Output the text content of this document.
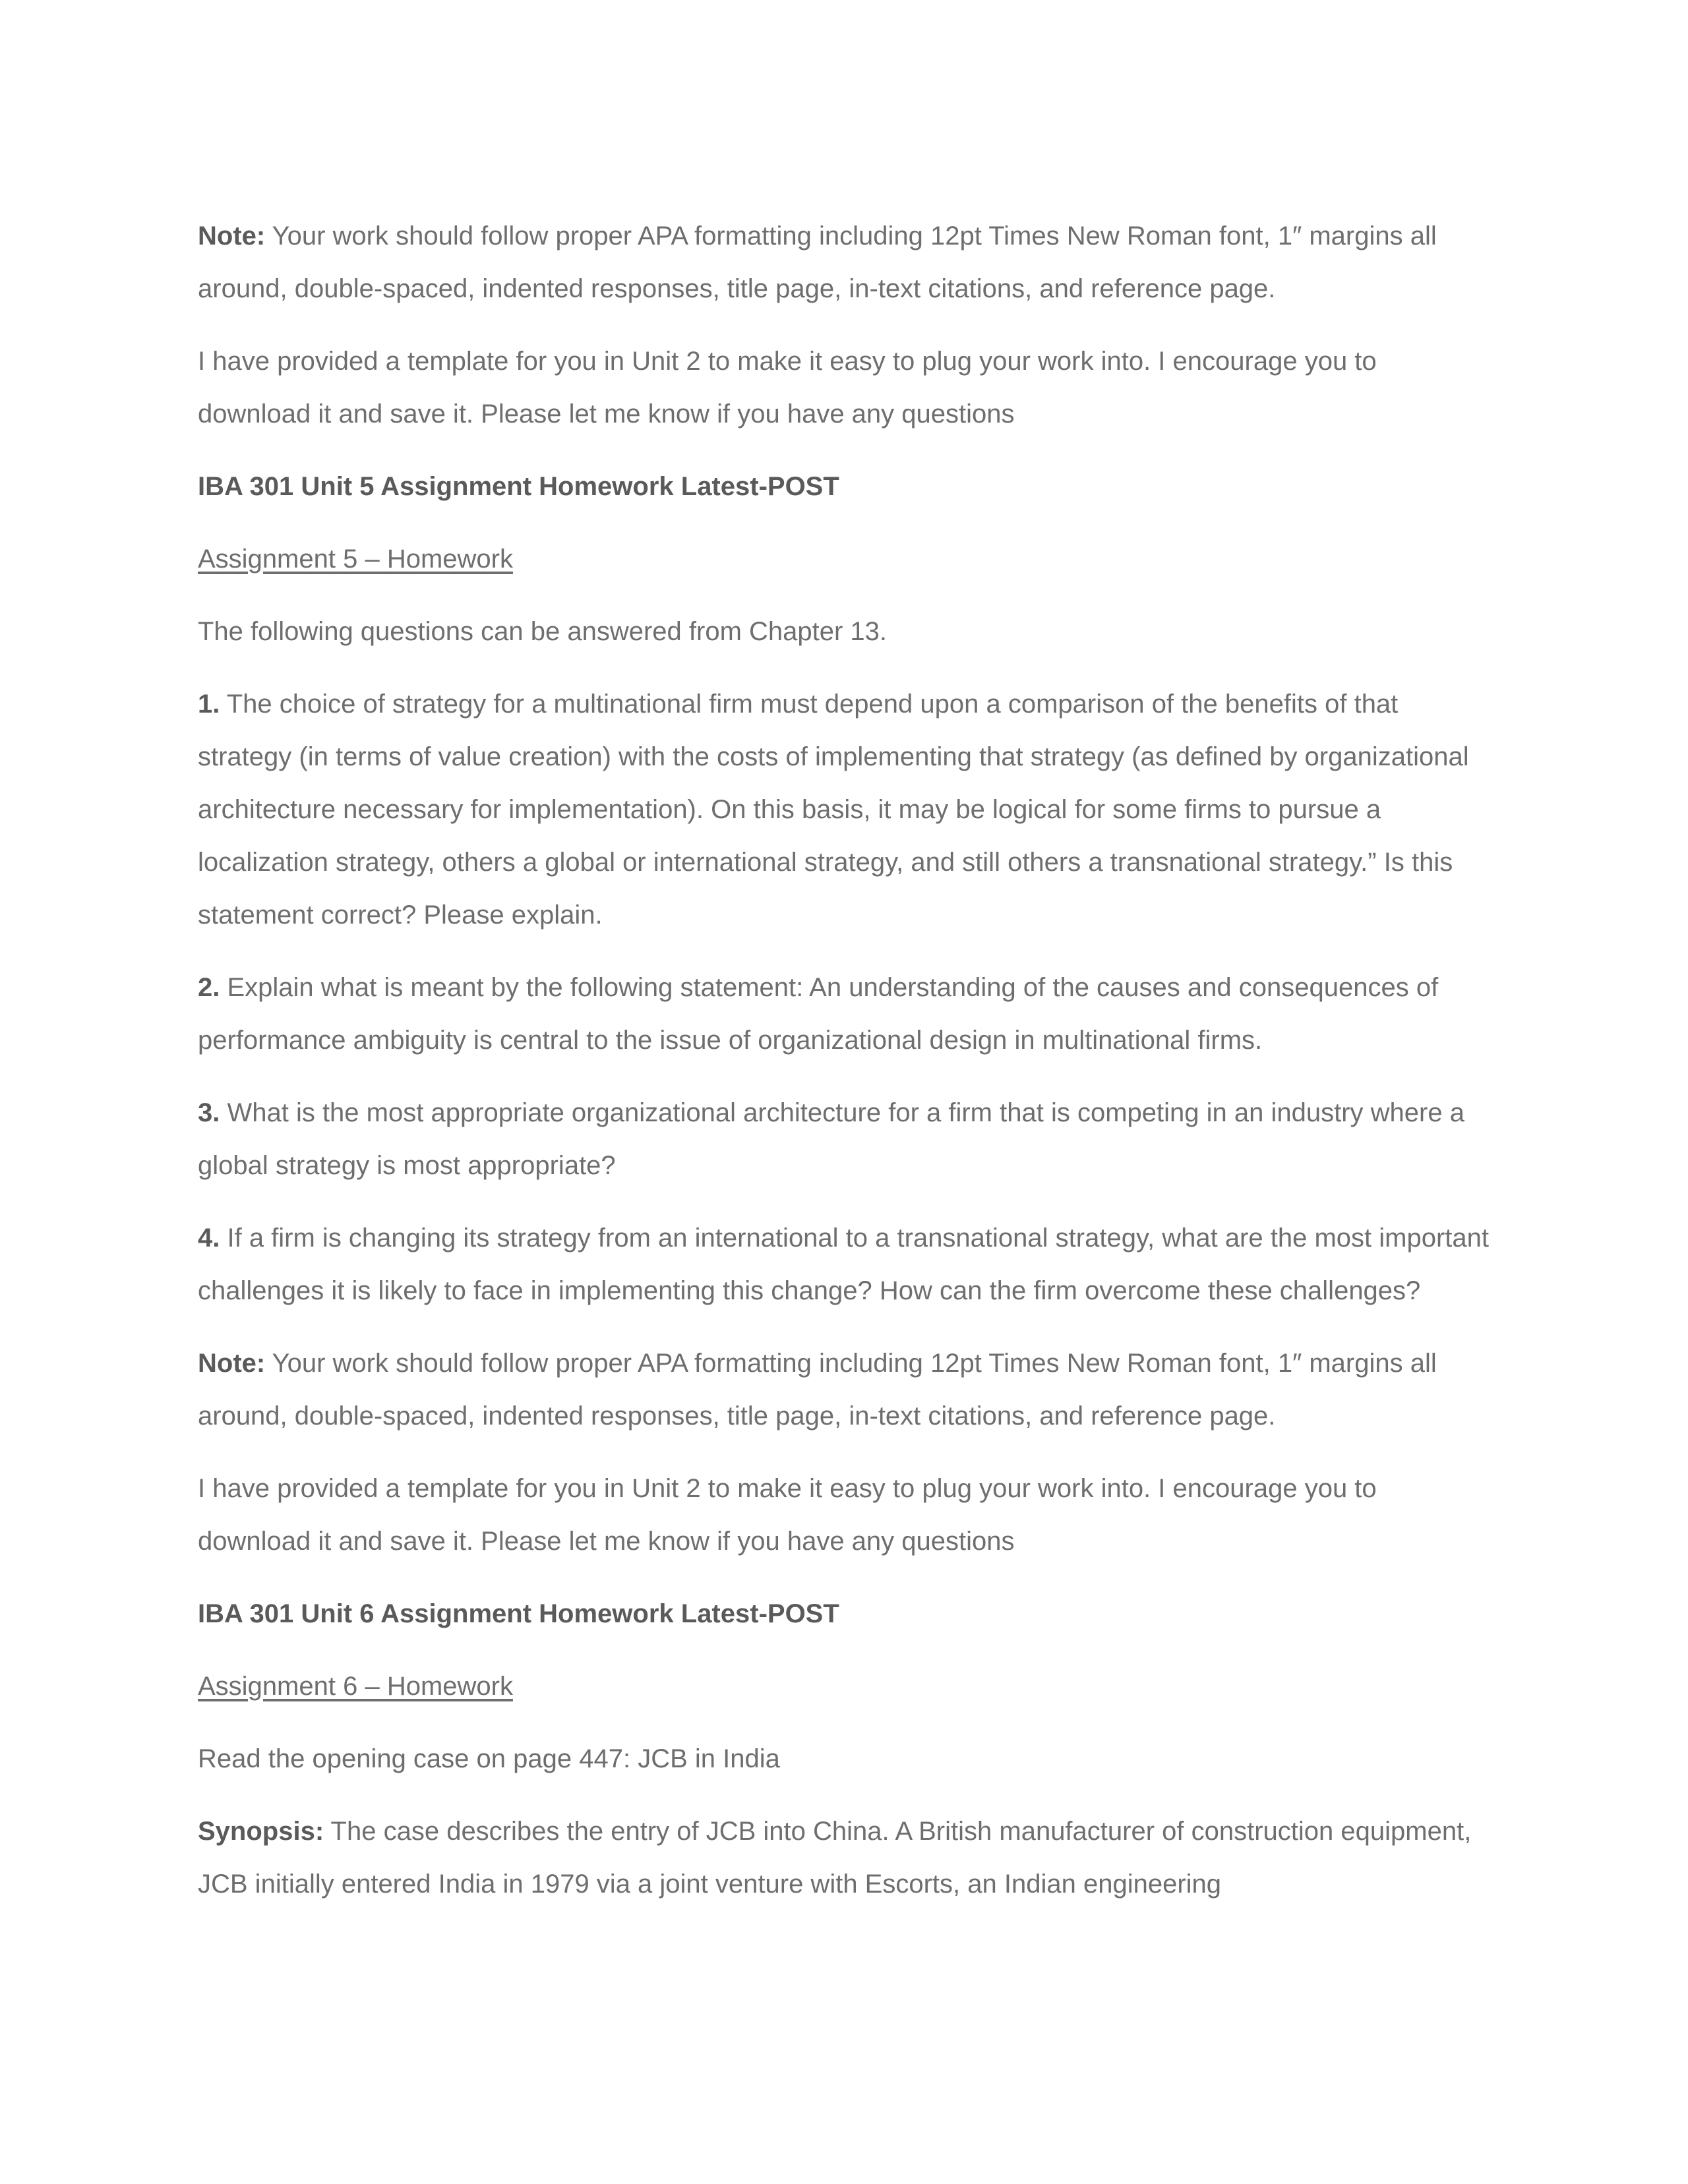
Note: Your work should follow proper APA formatting including 12pt Times New Roman font, 1″ margins all around, double-spaced, indented responses, title page, in-text citations, and reference page.

I have provided a template for you in Unit 2 to make it easy to plug your work into. I encourage you to download it and save it. Please let me know if you have any questions

IBA 301 Unit 5 Assignment Homework Latest-POST

Assignment 5 – Homework

The following questions can be answered from Chapter 13.

1. The choice of strategy for a multinational firm must depend upon a comparison of the benefits of that strategy (in terms of value creation) with the costs of implementing that strategy (as defined by organizational architecture necessary for implementation). On this basis, it may be logical for some firms to pursue a localization strategy, others a global or international strategy, and still others a transnational strategy.” Is this statement correct? Please explain.

2. Explain what is meant by the following statement: An understanding of the causes and consequences of performance ambiguity is central to the issue of organizational design in multinational firms.

3. What is the most appropriate organizational architecture for a firm that is competing in an industry where a global strategy is most appropriate?

4. If a firm is changing its strategy from an international to a transnational strategy, what are the most important challenges it is likely to face in implementing this change? How can the firm overcome these challenges?

Note: Your work should follow proper APA formatting including 12pt Times New Roman font, 1″ margins all around, double-spaced, indented responses, title page, in-text citations, and reference page.

I have provided a template for you in Unit 2 to make it easy to plug your work into. I encourage you to download it and save it. Please let me know if you have any questions

IBA 301 Unit 6 Assignment Homework Latest-POST

Assignment 6 – Homework

Read the opening case on page 447: JCB in India

Synopsis: The case describes the entry of JCB into China. A British manufacturer of construction equipment, JCB initially entered India in 1979 via a joint venture with Escorts, an Indian engineering
